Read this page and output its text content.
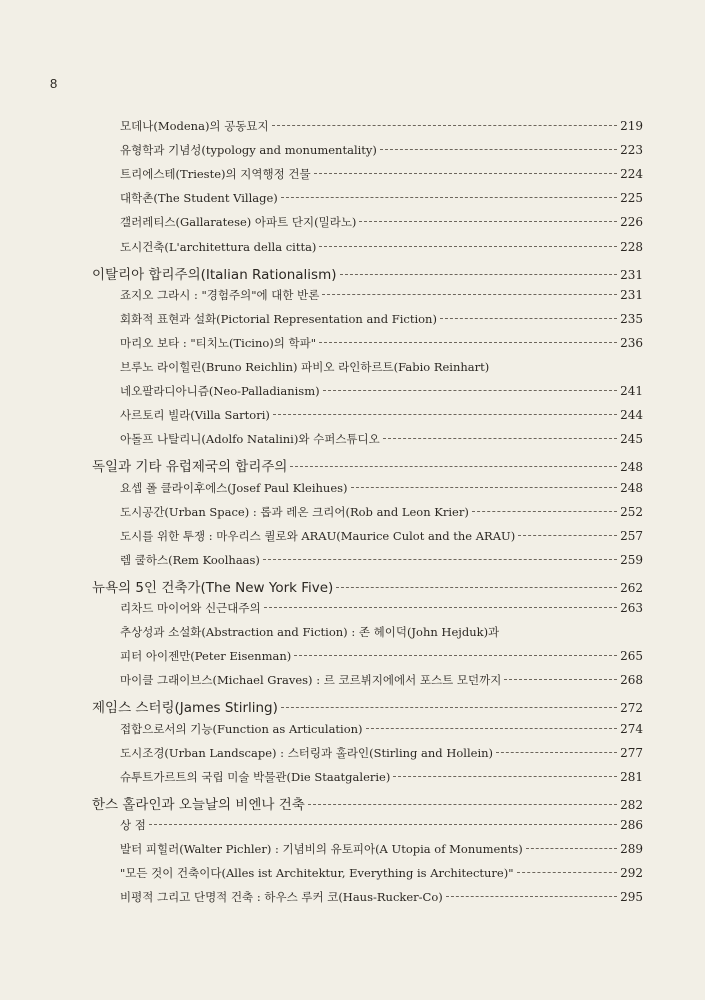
8
모데나(Modena)의 공동묘지	219
유형학과 기념성(typology and monumentality)	223
트리에스테(Trieste)의 지역행정 건물	224
대학촌(The Student Village)	225
갤러레티스(Gallaratese) 아파트 단지(밀라노)	226
도시건축(L'architettura della citta)	228
이탈리아 합리주의(Italian Rationalism)	231
죠지오 그라시 : "경험주의"에 대한 반론	231
회화적 표현과 설화(Pictorial Representation and Fiction)	235
마리오 보타 : "티치노(Ticino)의 학파"	236
브루노 라이힐린(Bruno Reichlin) 파비오 라인하르트(Fabio Reinhart)
네오팔라디아니즘(Neo-Palladianism)	241
사르토리 빌라(Villa Sartori)	244
아돌프 나탈리니(Adolfo Natalini)와 수퍼스튜디오	245
독일과 기타 유럽제국의 합리주의	248
요셉 폴 클라이후에스(Josef Paul Kleihues)	248
도시공간(Urban Space) : 롭과 레온 크리어(Rob and Leon Krier)	252
도시를 위한 투쟁 : 마우리스 퀼로와 ARAU(Maurice Culot and the ARAU)	257
렘 쿨하스(Rem Koolhaas)	259
뉴욕의 5인 건축가(The New York Five)	262
리차드 마이어와 신근대주의	263
추상성과 소설화(Abstraction and Fiction) : 존 헤이덕(John Hejduk)과
피터 아이젠만(Peter Eisenman)	265
마이클 그래이브스(Michael Graves) : 르 코르뷔지에에서 포스트 모던까지	268
제임스 스터링(James Stirling)	272
접합으로서의 기능(Function as Articulation)	274
도시조경(Urban Landscape) : 스터링과 홀라인(Stirling and Hollein)	277
슈투트가르트의 국립 미술 박물관(Die Staatgalerie)	281
한스 홀라인과 오늘날의 비엔나 건축	282
상 점	286
발터 피힐러(Walter Pichler) : 기념비의 유토피아(A Utopia of Monuments)	289
"모든 것이 건축이다(Alles ist Architektur, Everything is Architecture)"	292
비평적 그리고 단명적 건축 : 하우스 루커 코(Haus-Rucker-Co)	295
